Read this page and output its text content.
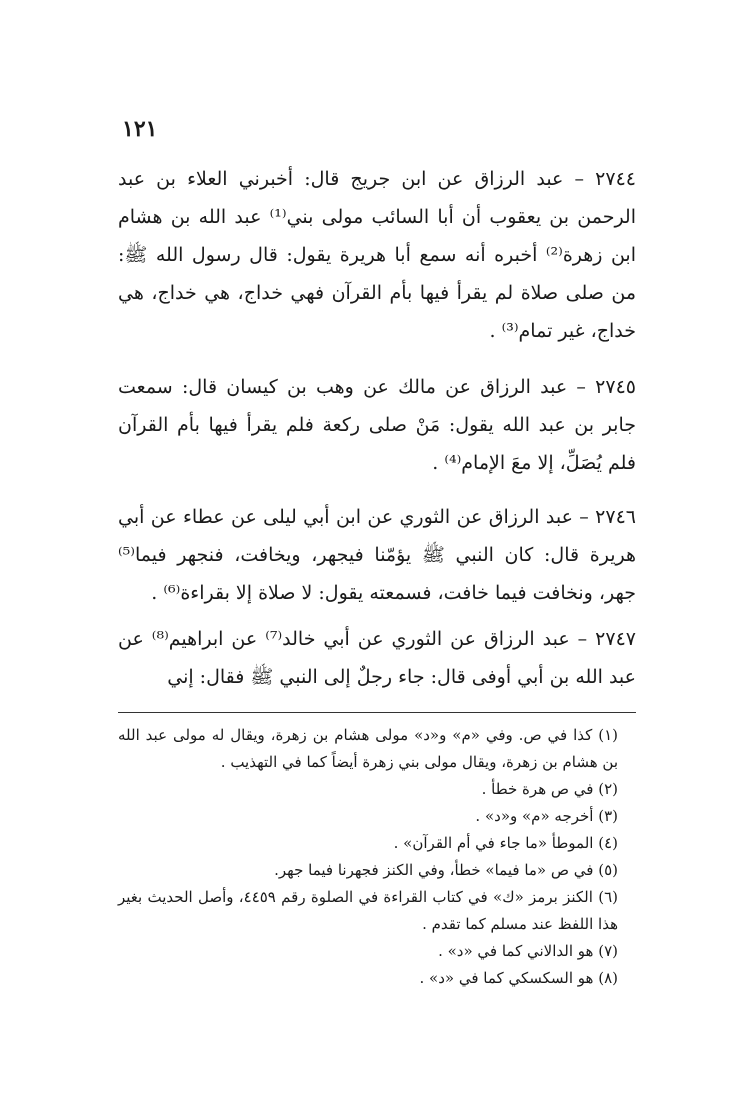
١٢١

٢٧٤٤ – عبد الرزاق عن ابن جريج قال: أخبرني العلاء بن عبد الرحمن بن يعقوب أن أبا السائب مولى بني⁽¹⁾ عبد الله بن هشام ابن زهرة⁽²⁾ أخبره أنه سمع أبا هريرة يقول: قال رسول الله ﷺ: من صلى صلاة لم يقرأ فيها بأم القرآن فهي خداج، هي خداج، هي خداج، غير تمام⁽³⁾ .

٢٧٤٥ – عبد الرزاق عن مالك عن وهب بن كيسان قال: سمعت جابر بن عبد الله يقول: مَنْ صلى ركعة فلم يقرأ فيها بأم القرآن فلم يُصَلِّ، إلا معَ الإمام⁽⁴⁾ .

٢٧٤٦ – عبد الرزاق عن الثوري عن ابن أبي ليلى عن عطاء عن أبي هريرة قال: كان النبي ﷺ يؤمّنا فيجهر، ويخافت، فنجهر فيما⁽⁵⁾ جهر، ونخافت فيما خافت، فسمعته يقول: لا صلاة إلا بقراءة⁽⁶⁾ .

٢٧٤٧ – عبد الرزاق عن الثوري عن أبي خالد⁽⁷⁾ عن ابراهيم⁽⁸⁾ عن عبد الله بن أبي أوفى قال: جاء رجلٌ إلى النبي ﷺ فقال: إني

(١) كذا في ص. وفي «م» و«د» مولى هشام بن زهرة، ويقال له مولى عبد الله بن هشام بن زهرة، ويقال مولى بني زهرة أيضاً كما في التهذيب .

(٢) في ص هرة خطأ .

(٣) أخرجه «م» و«د» .

(٤) الموطأ «ما جاء في أم القرآن» .

(٥) في ص «ما فيما» خطأ، وفي الكنز فجهرنا فيما جهر.

(٦) الكنز برمز «ك» في كتاب القراءة في الصلوة رقم ٤٤٥٩، وأصل الحديث بغير هذا اللفظ عند مسلم كما تقدم .

(٧) هو الدالاني كما في «د» .

(٨) هو السكسكي كما في «د» .
